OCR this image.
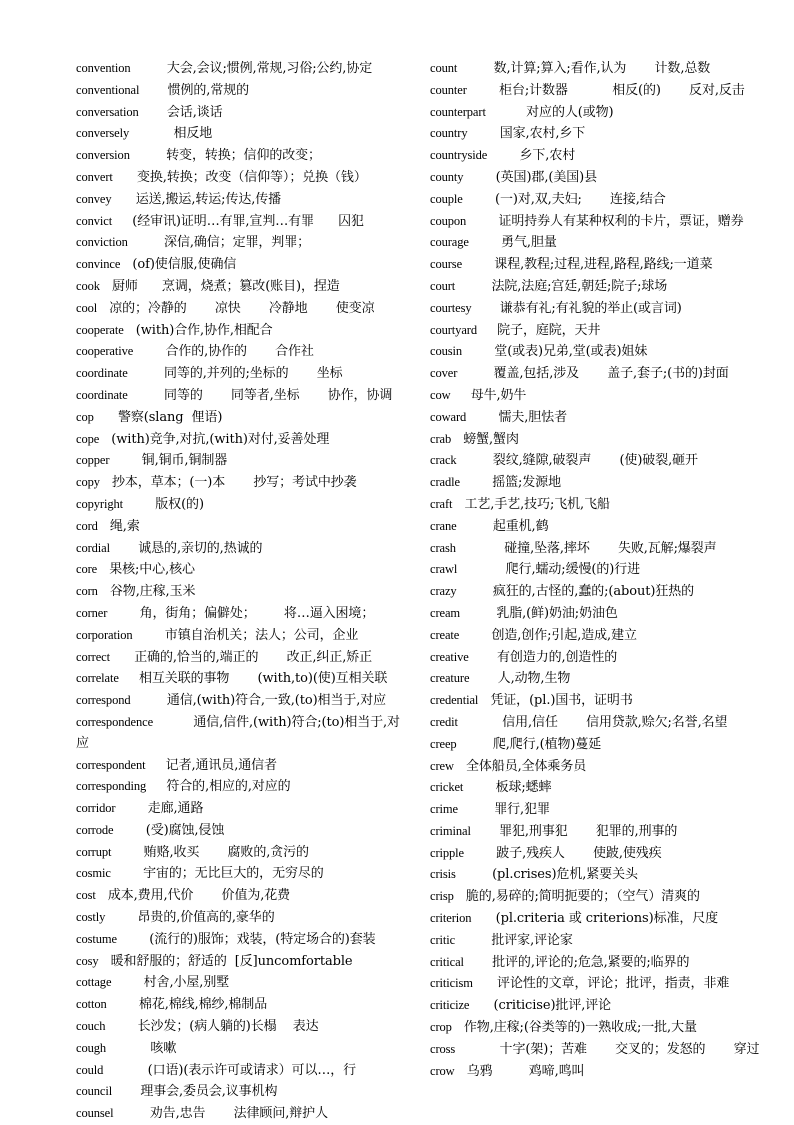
convention         大会,会议;惯例,常规,习俗;公约,协定
conventional       惯例的,常规的
conversation       会话,谈话
conversely           相反地
conversion         转变，转换；信仰的改变；
convert      变换,转换；改变（信仰等）；兑换（钱）
convey      运送,搬运,转运;传达,传播
convict     (经审讯)证明…有罪,宣判…有罪      囚犯
conviction         深信,确信；定罪，判罪；
convince   (of)使信服,使确信
cook   厨师      烹调，烧煮；篡改(账目)，捏造
cool   凉的；冷静的       凉快       冷静地       使变凉
cooperate   (with)合作,协作,相配合
cooperative        合作的,协作的       合作社
coordinate         同等的,并列的;坐标的       坐标
coordinate         同等的       同等者,坐标       协作，协调
cop      警察(slang  俚语)
cope   (with)竞争,对抗,(with)对付,妥善处理
copper        铜,铜币,铜制器
copy   抄本，草本；(一)本       抄写；考试中抄袭
copyright        版权(的)
cord   绳,索
cordial       诚恳的,亲切的,热诚的
core   果核;中心,核心
corn   谷物,庄稼,玉米
corner        角，街角；偏僻处；       将…逼入困境；
corporation        市镇自治机关；法人；公司，企业
correct      正确的,恰当的,端正的       改正,纠正,矫正
correlate     相互关联的事物       (with,to)(使)互相关联
correspond         通信,(with)符合,一致,(to)相当于,对应
correspondence          通信,信件,(with)符合;(to)相当于,对应
correspondent     记者,通讯员,通信者
corresponding     符合的,相应的,对应的
corridor        走廊,通路
corrode        (受)腐蚀,侵蚀
corrupt        贿赂,收买       腐败的,贪污的
cosmic        宇宙的；无比巨大的，无穷尽的
cost   成本,费用,代价       价值为,花费
costly        昂贵的,价值高的,豪华的
costume        (流行的)服饰；戏装，(特定场合的)套装
cosy   暖和舒服的；舒适的  [反]uncomfortable
cottage        村舍,小屋,别墅
cotton        棉花,棉线,棉纱,棉制品
couch        长沙发；(病人躺的)长榻    表达
cough           咳嗽
could           (口语)(表示许可或请求）可以…，行
council       理事会,委员会,议事机构
counsel         劝告,忠告       法律顾问,辩护人
count         数,计算;算入;看作,认为       计数,总数
counter        柜台;计数器           相反(的)       反对,反击
counterpart          对应的人(或物)
country        国家,农村,乡下
countryside        乡下,农村
county        (英国)郡,(美国)县
couple        (一)对,双,夫妇;       连接,结合
coupon        证明持券人有某种权利的卡片，票证，赠券
courage        勇气,胆量
course        课程,教程;过程,进程,路程,路线;一道菜
court         法院,法庭;宫廷,朝廷;院子;球场
courtesy       谦恭有礼;有礼貌的举止(或言词)
courtyard     院子，庭院，天井
cousin        堂(或表)兄弟,堂(或表)姐妹
cover         覆盖,包括,涉及       盖子,套子;(书的)封面
cow     母牛,奶牛
coward        懦夫,胆怯者
crab   螃蟹,蟹肉
crack         裂纹,缝隙,破裂声       (使)破裂,砸开
cradle        摇篮;发源地
craft   工艺,手艺,技巧;飞机,飞船
crane         起重机,鹤
crash            碰撞,坠落,摔坏       失败,瓦解;爆裂声
crawl            爬行,蠕动;缓慢(的)行进
crazy         疯狂的,古怪的,蠢的;(about)狂热的
cream         乳脂,(鲜)奶油;奶油色
create        创造,创作;引起,造成,建立
creative       有创造力的,创造性的
creature       人,动物,生物
credential   凭证，(pl.)国书，证明书
credit           信用,信任       信用贷款,赊欠;名誉,名望
creep         爬,爬行,(植物)蔓延
crew   全体船员,全体乘务员
cricket        板球;蟋蟀
crime         罪行,犯罪
criminal       罪犯,刑事犯       犯罪的,刑事的
cripple        跛子,残疾人       使跛,使残疾
crisis         (pl.crises)危机,紧要关头
crisp   脆的,易碎的;简明扼要的；（空气）清爽的
criterion      (pl.criteria 或 criterions)标准，尺度
critic         批评家,评论家
critical       批评的,评论的;危急,紧要的;临界的
criticism      评论性的文章，评论；批评，指责，非难
criticize      (criticise)批评,评论
crop   作物,庄稼;(谷类等的)一熟收成;一批,大量
cross           十字(架)；苦难       交叉的；发怒的       穿过
crow   乌鸦         鸡啼,鸣叫
